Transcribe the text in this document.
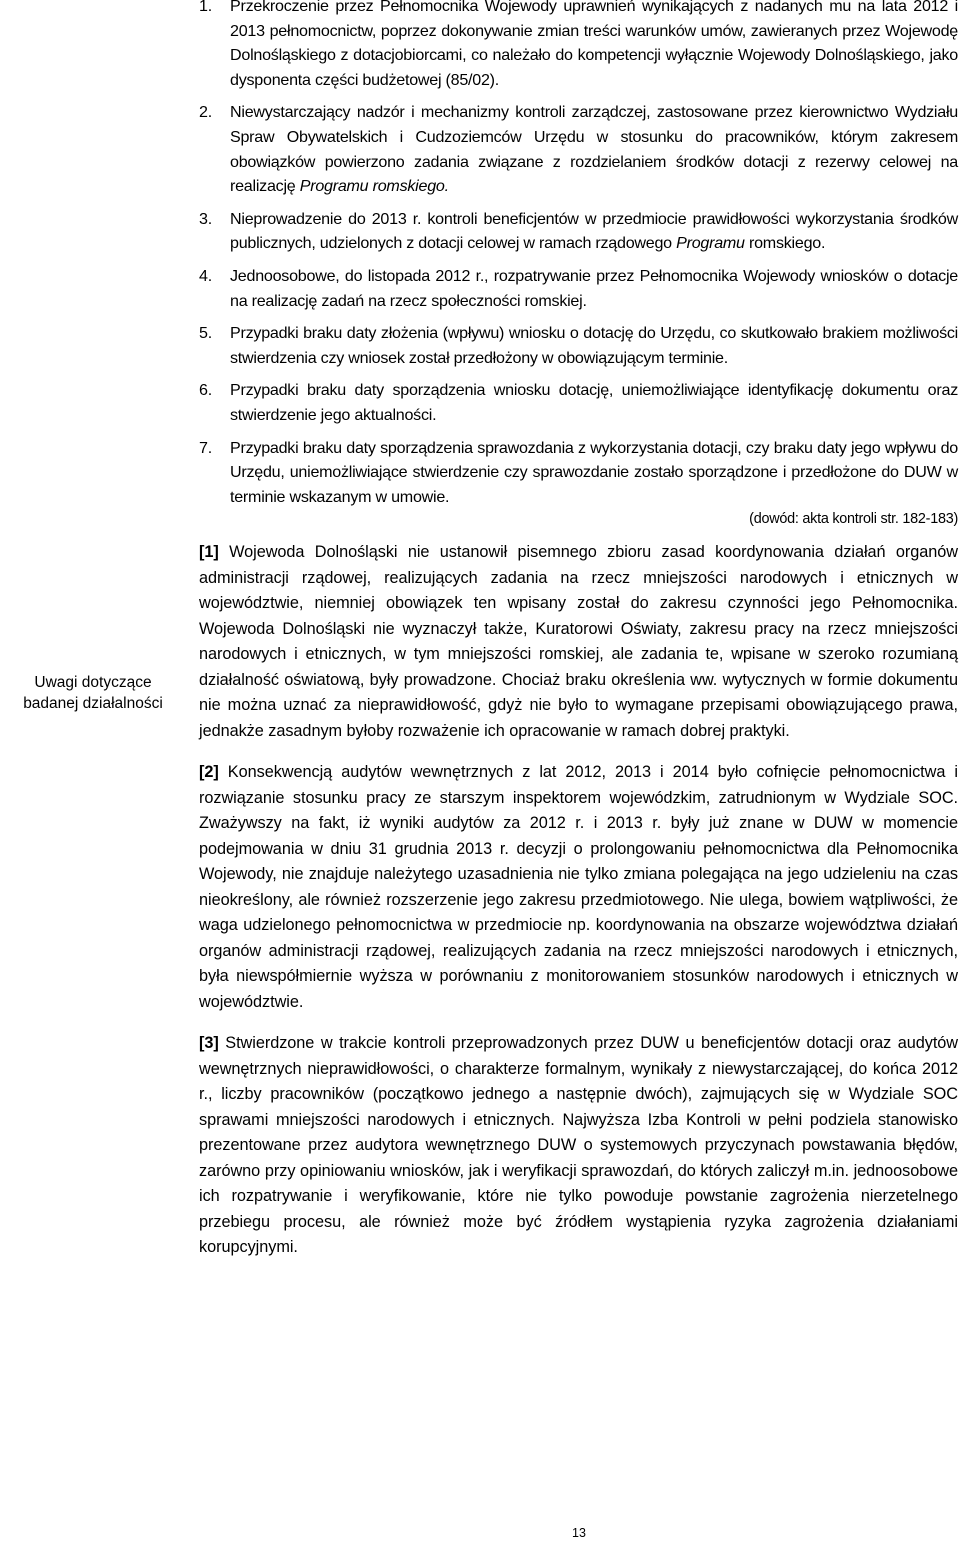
Uwagi dotyczące
badanej działalności
1. Przekroczenie przez Pełnomocnika Wojewody uprawnień wynikających z nadanych mu na lata 2012 i 2013 pełnomocnictw, poprzez dokonywanie zmian treści warunków umów, zawieranych przez Wojewodę Dolnośląskiego z dotacjobiorcami, co należało do kompetencji wyłącznie Wojewody Dolnośląskiego, jako dysponenta części budżetowej (85/02).
2. Niewystarczający nadzór i mechanizmy kontroli zarządczej, zastosowane przez kierownictwo Wydziału Spraw Obywatelskich i Cudzoziemców Urzędu w stosunku do pracowników, którym zakresem obowiązków powierzono zadania związane z rozdzielaniem środków dotacji z rezerwy celowej na realizację Programu romskiego.
3. Nieprowadzenie do 2013 r. kontroli beneficjentów w przedmiocie prawidłowości wykorzystania środków publicznych, udzielonych z dotacji celowej w ramach rządowego Programu romskiego.
4. Jednoosobowe, do listopada 2012 r., rozpatrywanie przez Pełnomocnika Wojewody wniosków o dotacje na realizację zadań na rzecz społeczności romskiej.
5. Przypadki braku daty złożenia (wpływu) wniosku o dotację do Urzędu, co skutkowało brakiem możliwości stwierdzenia czy wniosek został przedłożony w obowiązującym terminie.
6. Przypadki braku daty sporządzenia wniosku dotację, uniemożliwiające identyfikację dokumentu oraz stwierdzenie jego aktualności.
7. Przypadki braku daty sporządzenia sprawozdania z wykorzystania dotacji, czy braku daty jego wpływu do Urzędu, uniemożliwiające stwierdzenie czy sprawozdanie zostało sporządzone i przedłożone do DUW w terminie wskazanym w umowie.
(dowód: akta kontroli str. 182-183)
[1] Wojewoda Dolnośląski nie ustanowił pisemnego zbioru zasad koordynowania działań organów administracji rządowej, realizujących zadania na rzecz mniejszości narodowych i etnicznych w województwie, niemniej obowiązek ten wpisany został do zakresu czynności jego Pełnomocnika. Wojewoda Dolnośląski nie wyznaczył także, Kuratorowi Oświaty, zakresu pracy na rzecz mniejszości narodowych i etnicznych, w tym mniejszości romskiej, ale zadania te, wpisane w szeroko rozumianą działalność oświatową, były prowadzone. Chociaż braku określenia ww. wytycznych w formie dokumentu nie można uznać za nieprawidłowość, gdyż nie było to wymagane przepisami obowiązującego prawa, jednakże zasadnym byłoby rozważenie ich opracowanie w ramach dobrej praktyki.
[2] Konsekwencją audytów wewnętrznych z lat 2012, 2013 i 2014 było cofnięcie pełnomocnictwa i rozwiązanie stosunku pracy ze starszym inspektorem wojewódzkim, zatrudnionym w Wydziale SOC. Zważywszy na fakt, iż wyniki audytów za 2012 r. i 2013 r. były już znane w DUW w momencie podejmowania w dniu 31 grudnia 2013 r. decyzji o prolongowaniu pełnomocnictwa dla Pełnomocnika Wojewody, nie znajduje należytego uzasadnienia nie tylko zmiana polegająca na jego udzieleniu na czas nieokreślony, ale również rozszerzenie jego zakresu przedmiotowego. Nie ulega, bowiem wątpliwości, że waga udzielonego pełnomocnictwa w przedmiocie np. koordynowania na obszarze województwa działań organów administracji rządowej, realizujących zadania na rzecz mniejszości narodowych i etnicznych, była niewspółmiernie wyższa w porównaniu z monitorowaniem stosunków narodowych i etnicznych w województwie.
[3] Stwierdzone w trakcie kontroli przeprowadzonych przez DUW u beneficjentów dotacji oraz audytów wewnętrznych nieprawidłowości, o charakterze formalnym, wynikały z niewystarczającej, do końca 2012 r., liczby pracowników (początkowo jednego a następnie dwóch), zajmujących się w Wydziale SOC sprawami mniejszości narodowych i etnicznych. Najwyższa Izba Kontroli w pełni podziela stanowisko prezentowane przez audytora wewnętrznego DUW o systemowych przyczynach powstawania błędów, zarówno przy opiniowaniu wniosków, jak i weryfikacji sprawozdań, do których zaliczył m.in. jednoosobowe ich rozpatrywanie i weryfikowanie, które nie tylko powoduje powstanie zagrożenia nierzetelnego przebiegu procesu, ale również może być źródłem wystąpienia ryzyka zagrożenia działaniami korupcyjnymi.
13
